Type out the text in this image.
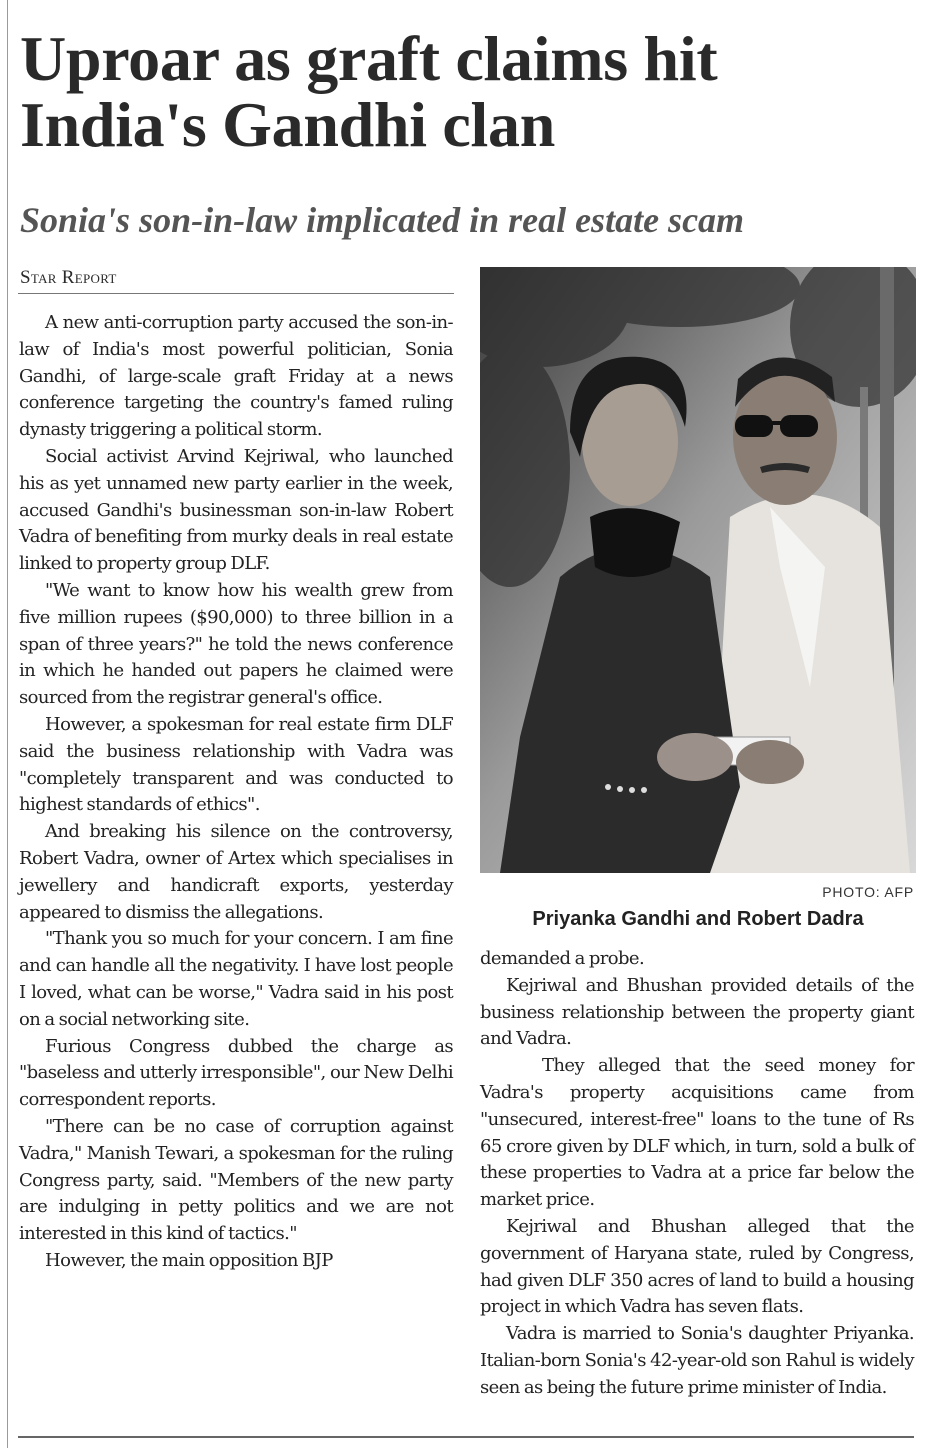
Uproar as graft claims hit
India's Gandhi clan
Sonia's son-in-law implicated in real estate scam
Star Report

A new anti-corruption party accused the son-in-law of India's most powerful politician, Sonia Gandhi, of large-scale graft Friday at a news conference targeting the country's famed ruling dynasty triggering a political storm.

Social activist Arvind Kejriwal, who launched his as yet unnamed new party earlier in the week, accused Gandhi's businessman son-in-law Robert Vadra of benefiting from murky deals in real estate linked to property group DLF.

"We want to know how his wealth grew from five million rupees ($90,000) to three billion in a span of three years?" he told the news conference in which he handed out papers he claimed were sourced from the registrar general's office.

However, a spokesman for real estate firm DLF said the business relationship with Vadra was "completely transparent and was conducted to highest standards of ethics".

And breaking his silence on the controversy, Robert Vadra, owner of Artex which specialises in jewellery and handicraft exports, yesterday appeared to dismiss the allegations.

"Thank you so much for your concern. I am fine and can handle all the negativity. I have lost people I loved, what can be worse," Vadra said in his post on a social networking site.

Furious Congress dubbed the charge as "baseless and utterly irresponsible", our New Delhi correspondent reports.

"There can be no case of corruption against Vadra," Manish Tewari, a spokesman for the ruling Congress party, said. "Members of the new party are indulging in petty politics and we are not interested in this kind of tactics."

However, the main opposition BJP

PHOTO: AFP
Priyanka Gandhi and Robert Dadra

demanded a probe.

Kejriwal and Bhushan provided details of the business relationship between the property giant and Vadra.

They alleged that the seed money for Vadra's property acquisitions came from "unsecured, interest-free" loans to the tune of Rs 65 crore given by DLF which, in turn, sold a bulk of these properties to Vadra at a price far below the market price.

Kejriwal and Bhushan alleged that the government of Haryana state, ruled by Congress, had given DLF 350 acres of land to build a housing project in which Vadra has seven flats.

Vadra is married to Sonia's daughter Priyanka. Italian-born Sonia's 42-year-old son Rahul is widely seen as being the future prime minister of India.
